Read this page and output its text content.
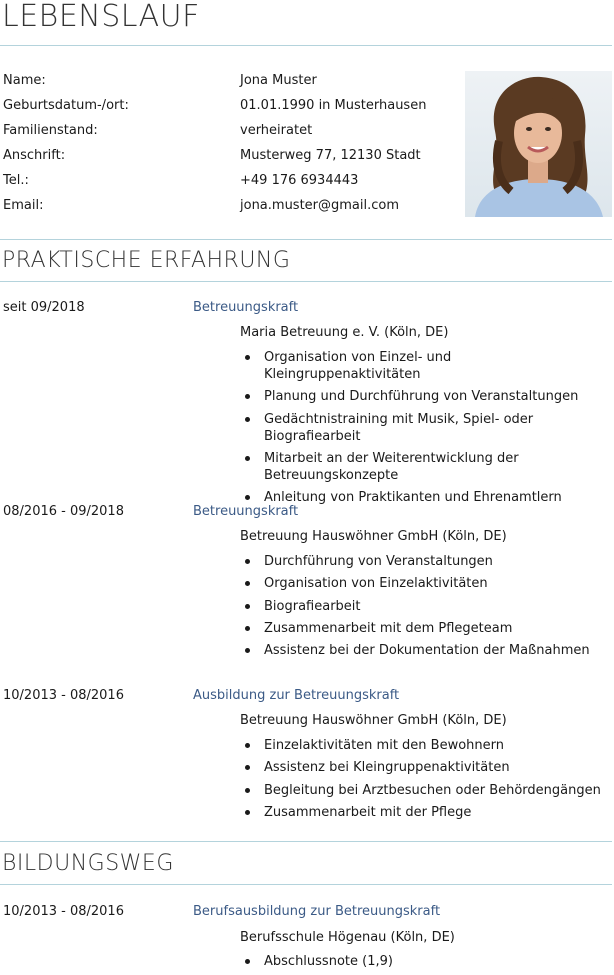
LEBENSLAUF
Name:	Jona Muster
Geburtsdatum-/ort:	01.01.1990 in Musterhausen
Familienstand:	verheiratet
Anschrift:	Musterweg 77, 12130 Stadt
Tel.:	+49 176 6934443
Email:	jona.muster@gmail.com
PRAKTISCHE ERFAHRUNG
seit 09/2018	Betreuungskraft
Maria Betreuung e. V. (Köln, DE)
Organisation von Einzel- und Kleingruppenaktivitäten
Planung und Durchführung von Veranstaltungen
Gedächtnistraining mit Musik, Spiel- oder Biografiearbeit
Mitarbeit an der Weiterentwicklung der Betreuungskonzepte
Anleitung von Praktikanten und Ehrenamtlern
08/2016 - 09/2018	Betreuungskraft
Betreuung Hauswöhner GmbH (Köln, DE)
Durchführung von Veranstaltungen
Organisation von Einzelaktivitäten
Biografiearbeit
Zusammenarbeit mit dem Pflegeteam
Assistenz bei der Dokumentation der Maßnahmen
10/2013 - 08/2016	Ausbildung zur Betreuungskraft
Betreuung Hauswöhner GmbH (Köln, DE)
Einzelaktivitäten mit den Bewohnern
Assistenz bei Kleingruppenaktivitäten
Begleitung bei Arztbesuchen oder Behördengängen
Zusammenarbeit mit der Pflege
BILDUNGSWEG
10/2013 - 08/2016	Berufsausbildung zur Betreuungskraft
Berufsschule Högenau (Köln, DE)
Abschlussnote (1,9)
